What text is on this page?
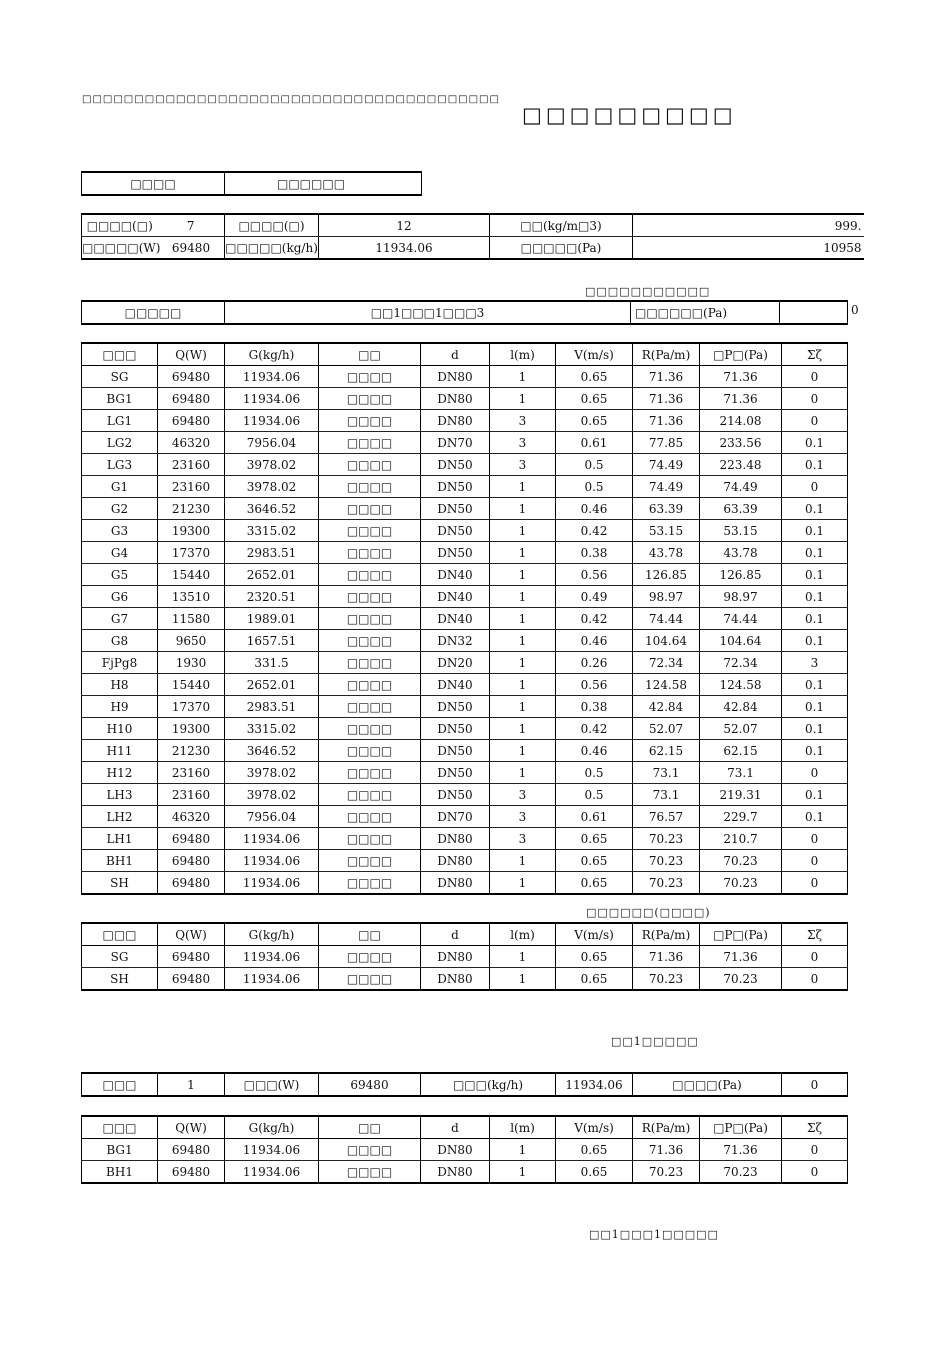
□□□□□□□□□□□□□□□□□□□□□□□□□□□□□□□□□□□□□□□□
□□□□□□□□□
□□□□	□□□□□□
□□□□(□) 7	□□□□(□)	12	□□(kg/m□3)	999.

□□□□□(W) 69480	□□□□□(kg/h)	11934.06	□□□□□(Pa)	10958
□□□□□□□□□□□
□□□□□	□□1□□□1□□□3	□□□□□□(Pa)		0
□□□	Q(W)	G(kg/h)	□□	d	l(m)	V(m/s)	R(Pa/m)	□P□(Pa)	Σζ
SG	69480	11934.06	□□□□	DN80	1	0.65	71.36	71.36	0
BG1	69480	11934.06	□□□□	DN80	1	0.65	71.36	71.36	0
LG1	69480	11934.06	□□□□	DN80	3	0.65	71.36	214.08	0
LG2	46320	7956.04	□□□□	DN70	3	0.61	77.85	233.56	0.1
LG3	23160	3978.02	□□□□	DN50	3	0.5	74.49	223.48	0.1
G1	23160	3978.02	□□□□	DN50	1	0.5	74.49	74.49	0
G2	21230	3646.52	□□□□	DN50	1	0.46	63.39	63.39	0.1
G3	19300	3315.02	□□□□	DN50	1	0.42	53.15	53.15	0.1
G4	17370	2983.51	□□□□	DN50	1	0.38	43.78	43.78	0.1
G5	15440	2652.01	□□□□	DN40	1	0.56	126.85	126.85	0.1
G6	13510	2320.51	□□□□	DN40	1	0.49	98.97	98.97	0.1
G7	11580	1989.01	□□□□	DN40	1	0.42	74.44	74.44	0.1
G8	9650	1657.51	□□□□	DN32	1	0.46	104.64	104.64	0.1
FjPg8	1930	331.5	□□□□	DN20	1	0.26	72.34	72.34	3
H8	15440	2652.01	□□□□	DN40	1	0.56	124.58	124.58	0.1
H9	17370	2983.51	□□□□	DN50	1	0.38	42.84	42.84	0.1
H10	19300	3315.02	□□□□	DN50	1	0.42	52.07	52.07	0.1
H11	21230	3646.52	□□□□	DN50	1	0.46	62.15	62.15	0.1
H12	23160	3978.02	□□□□	DN50	1	0.5	73.1	73.1	0
LH3	23160	3978.02	□□□□	DN50	3	0.5	73.1	219.31	0.1
LH2	46320	7956.04	□□□□	DN70	3	0.61	76.57	229.7	0.1
LH1	69480	11934.06	□□□□	DN80	3	0.65	70.23	210.7	0
BH1	69480	11934.06	□□□□	DN80	1	0.65	70.23	70.23	0
SH	69480	11934.06	□□□□	DN80	1	0.65	70.23	70.23	0
□□□□□□(□□□□)
□□□	Q(W)	G(kg/h)	□□	d	l(m)	V(m/s)	R(Pa/m)	□P□(Pa)	Σζ
SG	69480	11934.06	□□□□	DN80	1	0.65	71.36	71.36	0
SH	69480	11934.06	□□□□	DN80	1	0.65	70.23	70.23	0
□□1□□□□□
□□□	1	□□□(W)	69480	□□□(kg/h)	11934.06	□□□□(Pa)	0
□□□	Q(W)	G(kg/h)	□□	d	l(m)	V(m/s)	R(Pa/m)	□P□(Pa)	Σζ
BG1	69480	11934.06	□□□□	DN80	1	0.65	71.36	71.36	0
BH1	69480	11934.06	□□□□	DN80	1	0.65	70.23	70.23	0
□□1□□□1□□□□□
